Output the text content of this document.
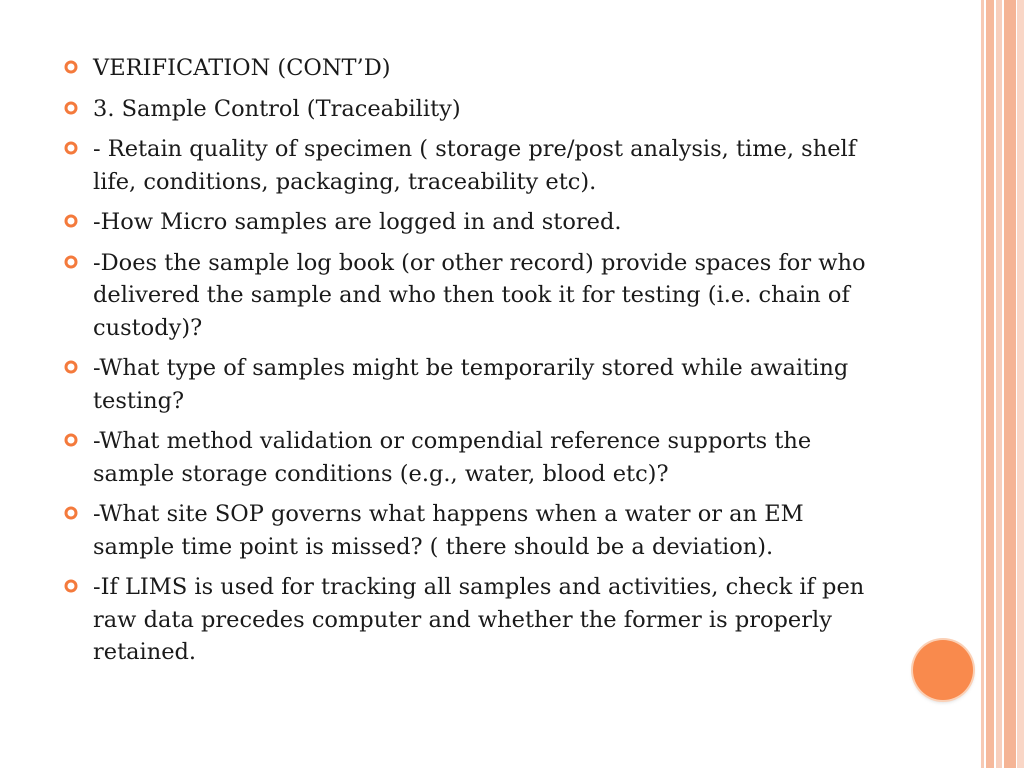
VERIFICATION (CONT’D)
3. Sample Control (Traceability)
- Retain quality of specimen ( storage pre/post analysis, time, shelf life, conditions, packaging, traceability etc).
-How Micro samples are logged in and stored.
-Does the sample log book (or other record) provide spaces for who delivered the sample and who then took it for testing (i.e. chain of custody)?
-What type of samples might be temporarily stored while awaiting testing?
-What method validation or compendial reference supports the sample storage conditions (e.g., water, blood etc)?
-What site SOP governs what happens when a water or an EM sample time point is missed? ( there should be a deviation).
-If LIMS is used for tracking all samples and activities, check if pen raw data precedes computer and whether the former is properly retained.
